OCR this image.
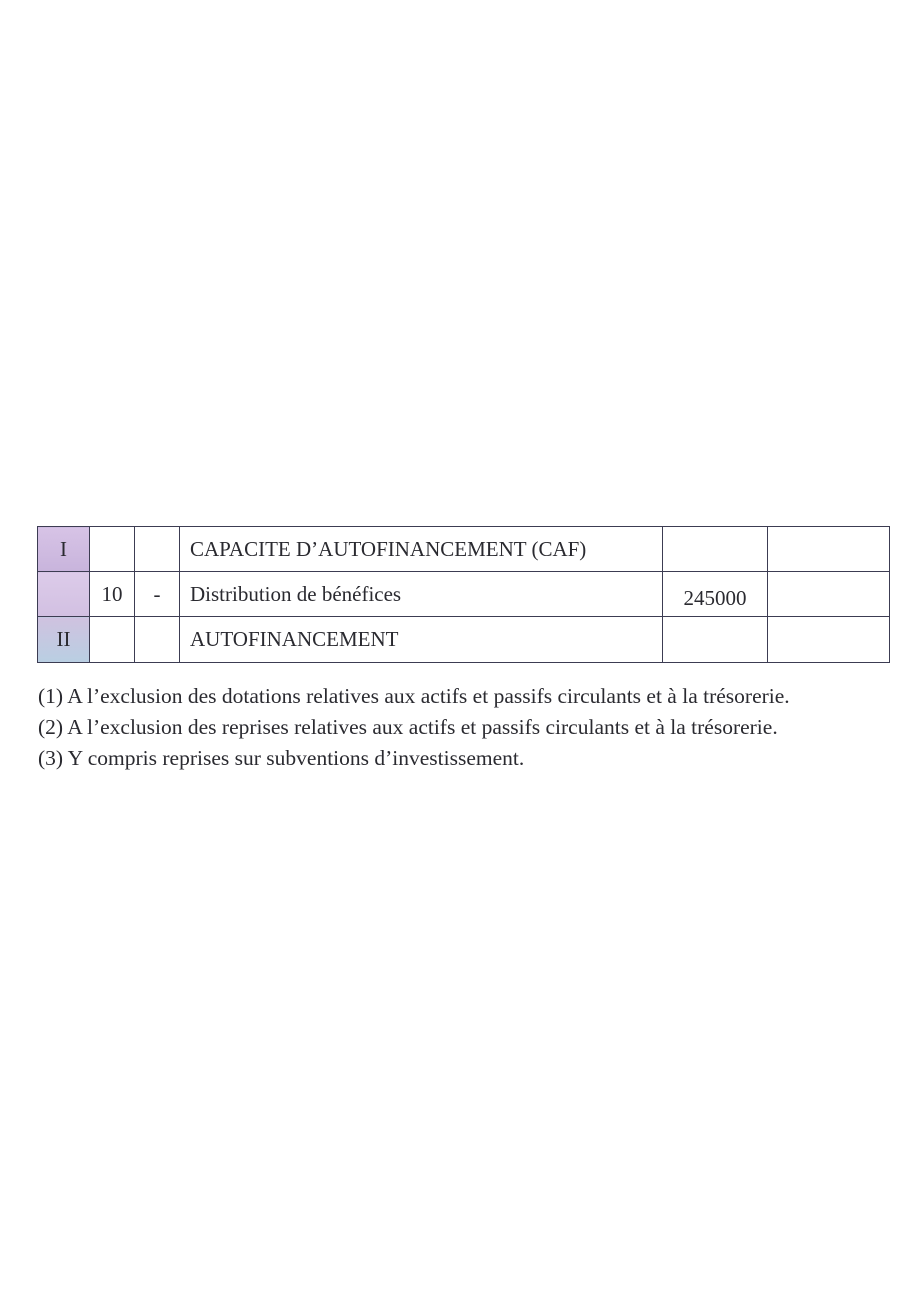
I			CAPACITE D’AUTOFINANCEMENT (CAF)		
	10	-	Distribution de bénéfices	245000	
II			AUTOFINANCEMENT		
(1) A l’exclusion des dotations relatives aux actifs et passifs circulants et à la trésorerie.
(2) A l’exclusion des reprises relatives aux actifs et passifs circulants et à la trésorerie.
(3) Y compris reprises sur subventions d’investissement.
